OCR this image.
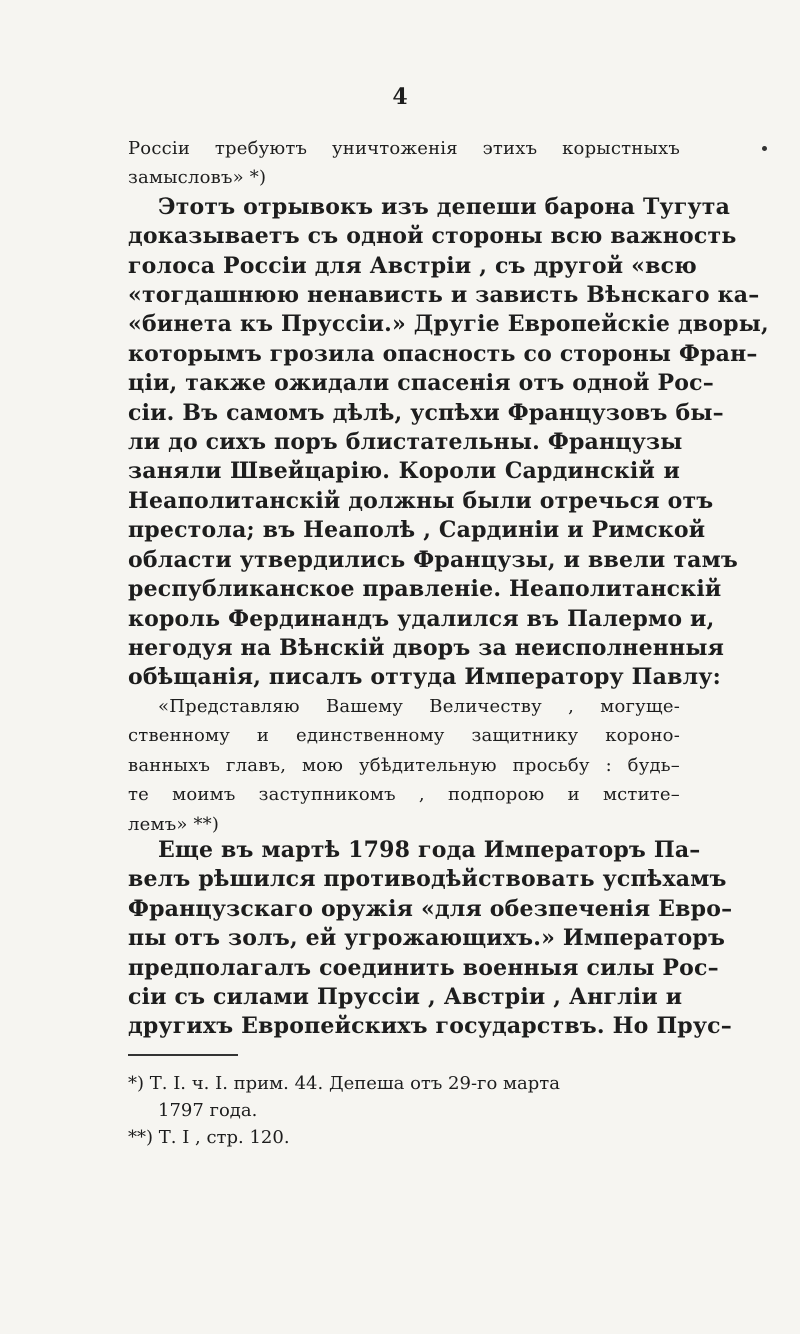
4
Россіи требуютъ уничтоженія этихъ корыстныхъ
замысловъ» *)
Этотъ отрывокъ изъ депеши барона Тугута
доказываетъ съ одной стороны всю важность
голоса Россіи для Австріи , съ другой «всю
«тогдашнюю ненависть и зависть Вѣнскаго ка–
«бинета къ Пруссіи.» Другіе Европейскіе дворы,
которымъ грозила опасность со стороны Фран–
ціи, также ожидали спасенія отъ одной Рос–
сіи. Въ самомъ дѣлѣ, успѣхи Французовъ бы–
ли до сихъ поръ блистательны. Французы
заняли Швейцарію. Короли Сардинскій и
Неаполитанскій должны были отречься отъ
престола; въ Неаполѣ , Сардиніи и Римской
области утвердились Французы, и ввели тамъ
республиканское правленіе. Неаполитанскій
король Фердинандъ удалился въ Палермо и,
негодуя на Вѣнскій дворъ за неисполненныя
обѣщанія, писалъ оттуда Императору Павлу:
«Представляю Вашему Величеству , могуще-
ственному и единственному защитнику короно-
ванныхъ главъ, мою убѣдительную просьбу : будь–
те моимъ заступникомъ , подпорою и мстите–
лемъ» **)
Еще въ мартѣ 1798 года Императоръ Па–
велъ рѣшился противодѣйствовать успѣхамъ
Французскаго оружія «для обезпеченія Евро–
пы отъ золъ, ей угрожающихъ.» Императоръ
предполагалъ соединить военныя силы Рос–
сіи съ силами Пруссіи , Австріи , Англіи и
другихъ Европейскихъ государствъ. Но Прус–
*) Т. I. ч. I. прим. 44. Депеша отъ 29-го марта
1797 года.
**) Т. I , стр. 120.
